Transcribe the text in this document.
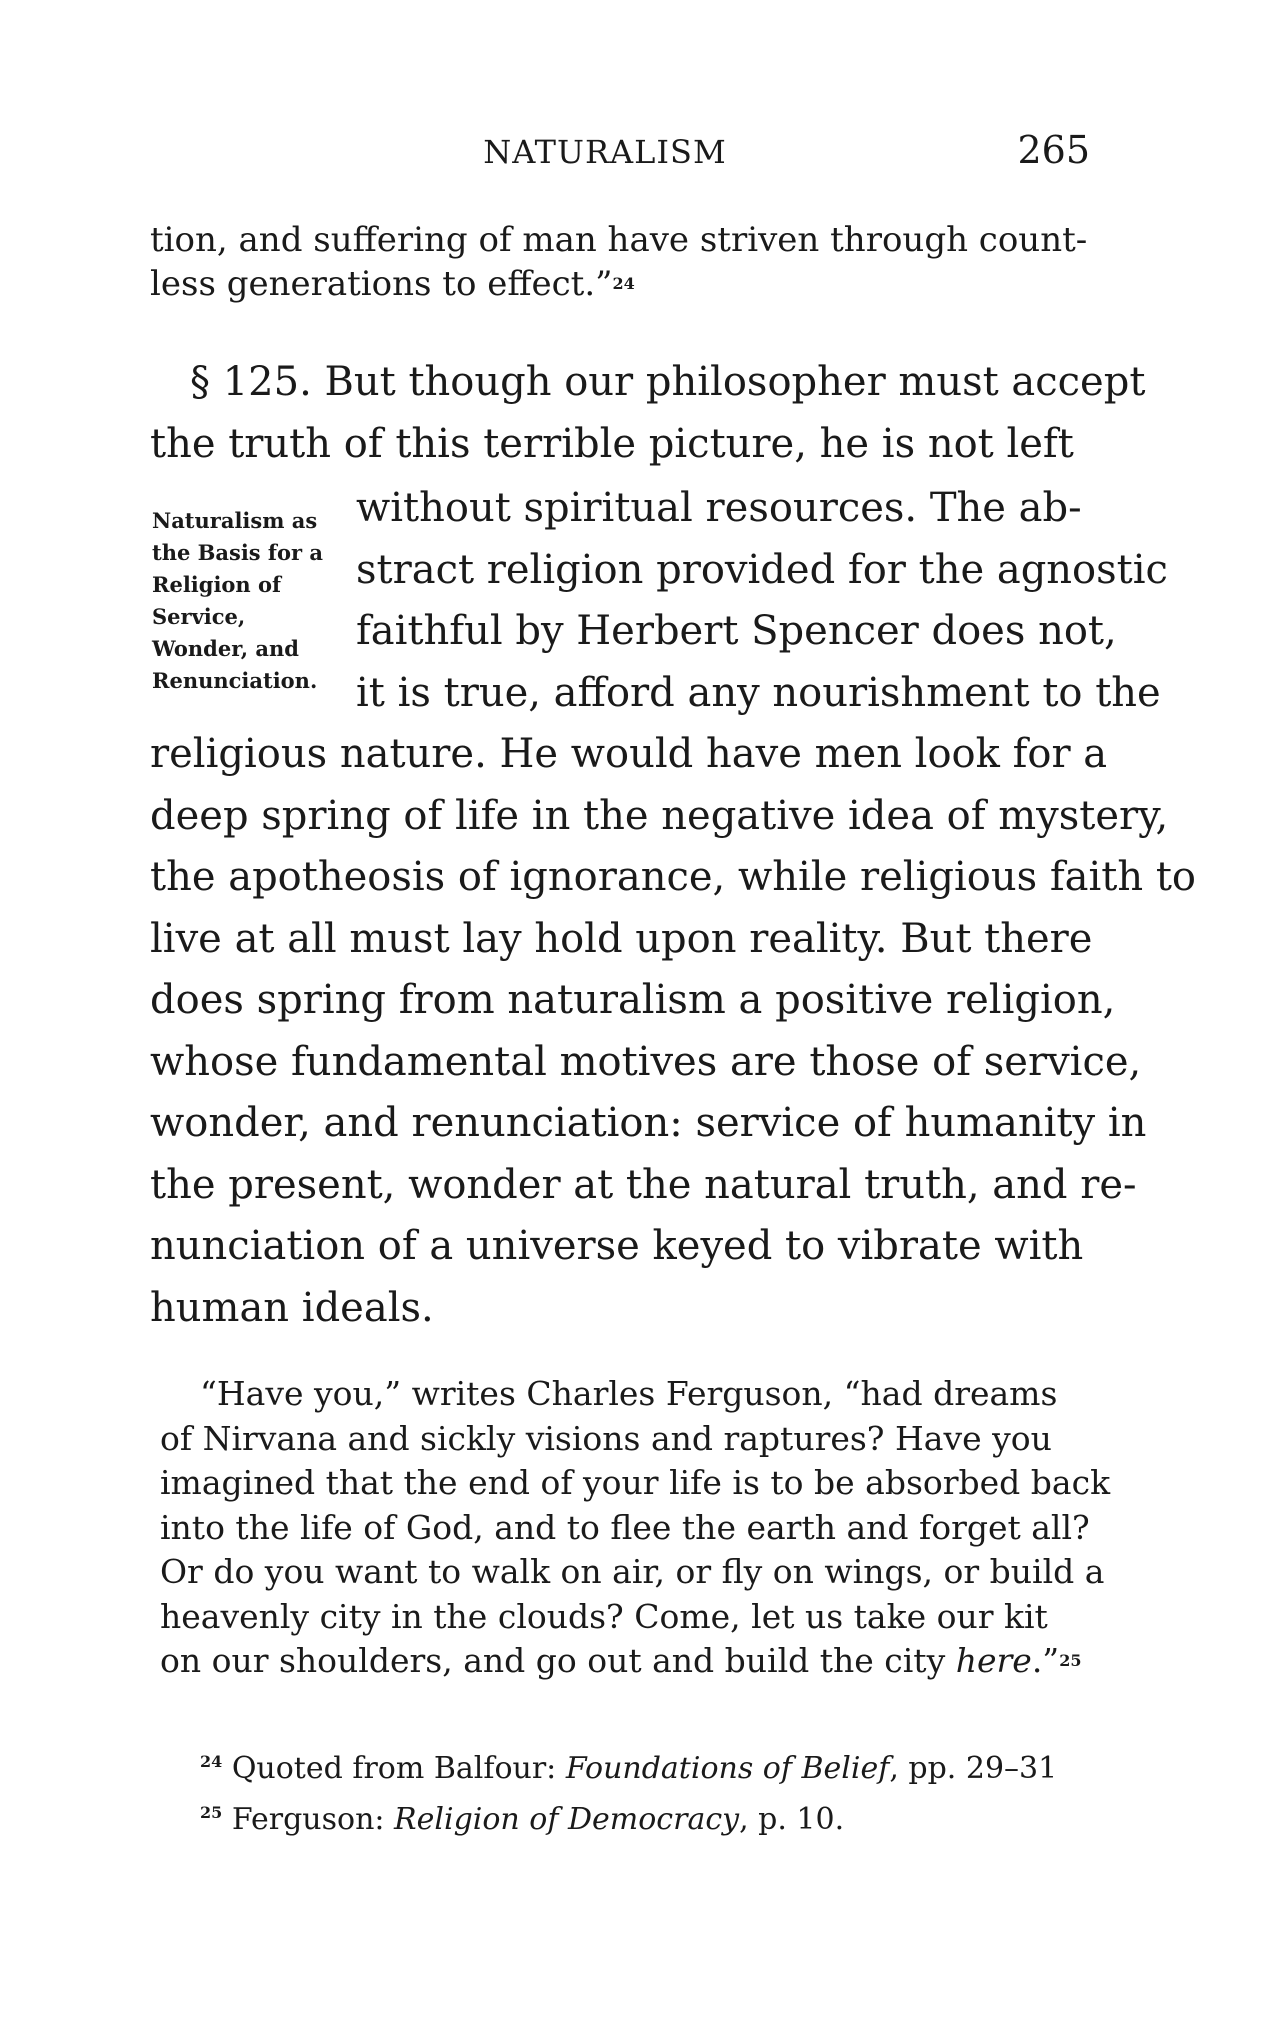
NATURALISM	265

tion, and suffering of man have striven through count-

less generations to effect.” 24

§ 125. But though our philosopher must accept

the truth of this terrible picture, he is not left

Naturalism as
the Basis for a
Religion of
Service,
Wonder, and
Renunciation.

without spiritual resources. The ab-

stract religion provided for the agnostic

faithful by Herbert Spencer does not,

it is true, afford any nourishment to the

religious nature. He would have men look for a

deep spring of life in the negative idea of mystery,

the apotheosis of ignorance, while religious faith to

live at all must lay hold upon reality. But there

does spring from naturalism a positive religion,

whose fundamental motives are those of service,

wonder, and renunciation: service of humanity in

the present, wonder at the natural truth, and re-

nunciation of a universe keyed to vibrate with

human ideals.

“Have you,” writes Charles Ferguson, “had dreams

of Nirvana and sickly visions and raptures? Have you

imagined that the end of your life is to be absorbed back

into the life of God, and to flee the earth and forget all?

Or do you want to walk on air, or fly on wings, or build a

heavenly city in the clouds? Come, let us take our kit

on our shoulders, and go out and build the city here .” 25

$^{24}$ Quoted from Balfour: Foundations of Belief, pp. 29–31
$^{25}$ Ferguson: Religion of Democracy, p. 10.
